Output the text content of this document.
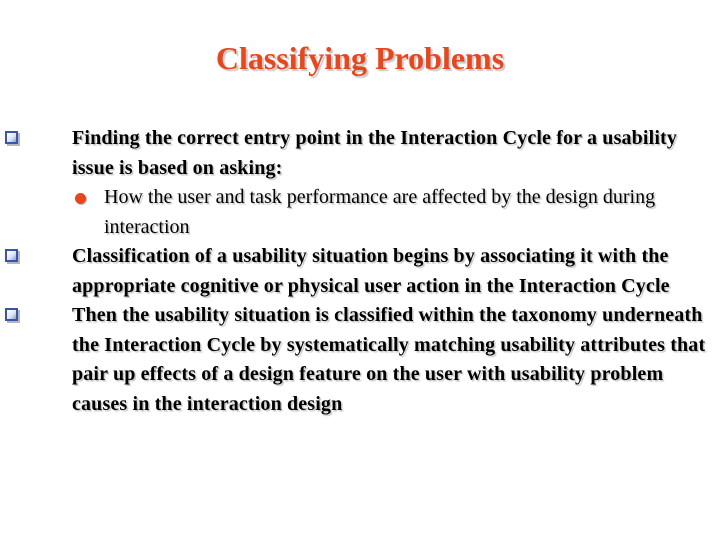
Classifying Problems
Finding the correct entry point in the Interaction Cycle for a usability issue is based on asking:
How the user and task performance are affected by the design during interaction
Classification of a usability situation begins by associating it with the appropriate cognitive or physical user action in the Interaction Cycle
Then the usability situation is classified within the taxonomy underneath the Interaction Cycle by systematically matching usability attributes that pair up effects of a design feature on the user with usability problem causes in the interaction design
